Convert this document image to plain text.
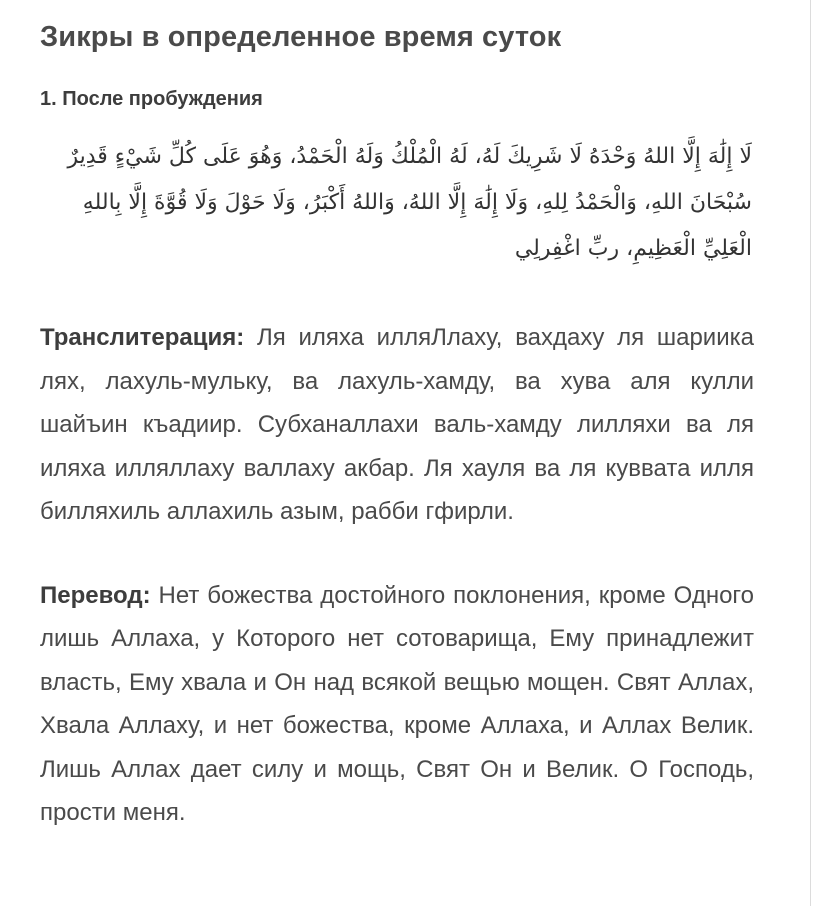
Зикры в определенное время суток
1. После пробуждения

لَا إِلَٰهَ إِلَّا اللهُ وَحْدَهُ لَا شَرِيكَ لَهُ، لَهُ الْمُلْكُ وَلَهُ الْحَمْدُ، وَهُوَ عَلَى كُلِّ شَيْءٍ قَدِيرٌ سُبْحَانَ اللهِ، وَالْحَمْدُ لِلهِ، وَلَا إِلَٰهَ إِلَّا اللهُ، وَاللهُ أَكْبَرُ، وَلَا حَوْلَ وَلَا قُوَّةَ إِلَّا بِاللهِ الْعَلِيِّ الْعَظِيمِ، ربِّ اغْفِرلِي

Транслитерация: Ля иляха илляЛлаху, вахдаху ля шариика лях, лахуль-мульку, ва лахуль-хамду, ва хува аля кулли шайъин къадиир. Субханаллахи валь-хамду лилляхи ва ля иляха илляллаху валлаху акбар. Ля хауля ва ля куввата илля билляхиль аллахиль азым, рабби гфирли.

Перевод: Нет божества достойного поклонения, кроме Одного лишь Аллаха, у Которого нет сотоварища, Ему принадлежит власть, Ему хвала и Он над всякой вещью мощен. Свят Аллах, Хвала Аллаху, и нет божества, кроме Аллаха, и Аллах Велик. Лишь Аллах дает силу и мощь, Свят Он и Велик. О Господь, прости меня.
